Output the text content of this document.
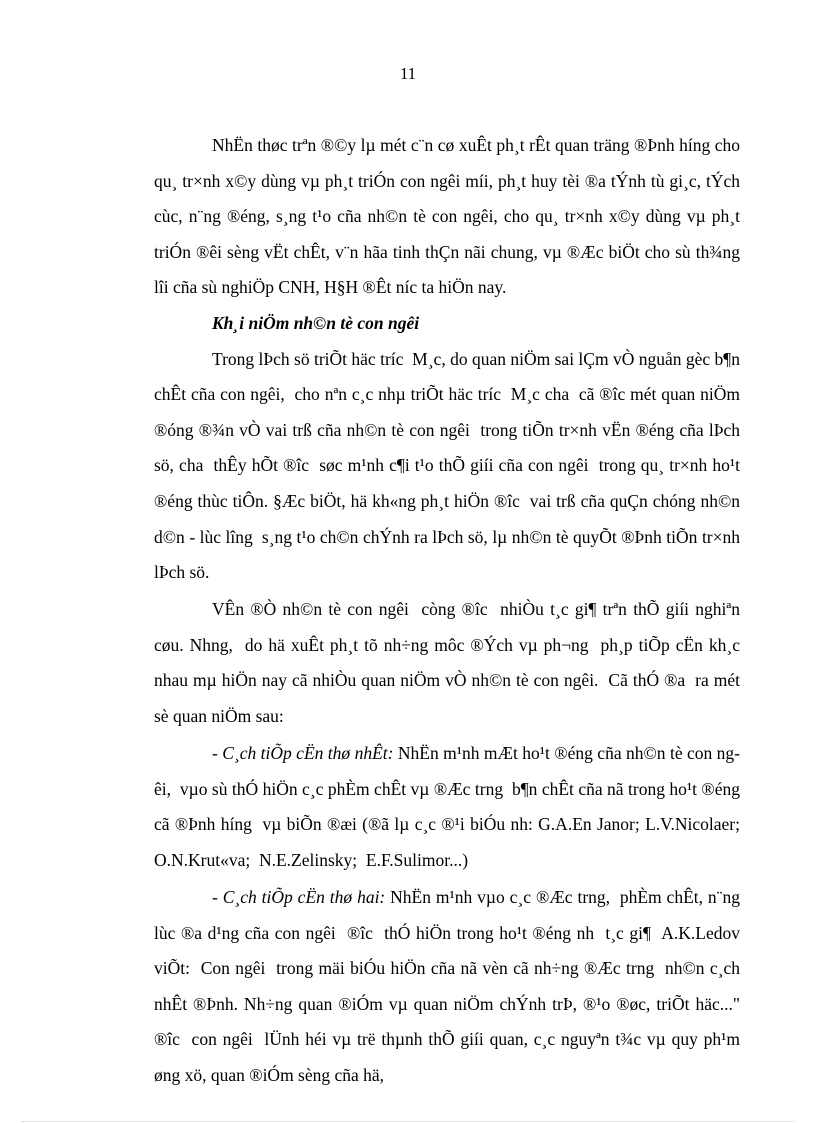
11

NhËn thøc trªn ®©y lµ mét c¨n cø xuÊt ph¸t rÊt quan träng ®Þnh híng cho qu¸ tr×nh x©y dùng vµ ph¸t triÓn con ngêi míi, ph¸t huy tèi ®a tÝnh tù gi¸c, tÝch cùc, n¨ng ®éng, s¸ng t¹o cña nh©n tè con ngêi, cho qu¸ tr×nh x©y dùng vµ ph¸t triÓn ®êi sèng vËt chÊt, v¨n hãa tinh thÇn nãi chung, vµ ®Æc biÖt cho sù th¾ng lîi cña sù nghiÖp CNH, H§H ®Êt níc ta hiÖn nay.

Kh¸i niÖm nh©n tè con ngêi

Trong lÞch sö triÕt häc tríc  M¸c, do quan niÖm sai lÇm vÒ nguån gèc b¶n chÊt cña con ngêi,  cho nªn c¸c nhµ triÕt häc tríc  M¸c cha  cã ®îc mét quan niÖm ®óng ®¾n vÒ vai trß cña nh©n tè con ngêi  trong tiÕn tr×nh vËn ®éng cña lÞch sö, cha  thÊy hÕt ®îc  søc m¹nh c¶i t¹o thÕ giíi cña con ngêi  trong qu¸ tr×nh ho¹t ®éng thùc tiÔn. §Æc biÖt, hä kh«ng ph¸t hiÖn ®îc  vai trß cña quÇn chóng nh©n d©n - lùc lîng  s¸ng t¹o ch©n chÝnh ra lÞch sö, lµ nh©n tè quyÕt ®Þnh tiÕn tr×nh lÞch sö.

VÊn ®Ò nh©n tè con ngêi  còng ®îc  nhiÒu t¸c gi¶ trªn thÕ giíi nghiªn cøu. Nhng,  do hä xuÊt ph¸t tõ nh÷ng môc ®Ých vµ ph¬ng  ph¸p tiÕp cËn kh¸c nhau mµ hiÖn nay cã nhiÒu quan niÖm vÒ nh©n tè con ngêi.  Cã thÓ ®a  ra mét sè quan niÖm sau:

- C¸ch tiÕp cËn thø nhÊt: NhËn m¹nh mÆt ho¹t ®éng cña nh©n tè con ngêi,  vµo sù thÓ hiÖn c¸c phÈm chÊt vµ ®Æc trng  b¶n chÊt cña nã trong ho¹t ®éng cã ®Þnh híng  vµ biÕn ®æi (®ã lµ c¸c ®¹i biÓu nh: G.A.En Janor; L.V.Nicolaer;  O.N.Krut«va;  N.E.Zelinsky;  E.F.Sulimor...)

- C¸ch tiÕp cËn thø hai: NhËn m¹nh vµo c¸c ®Æc trng,  phÈm chÊt, n¨ng lùc ®a d¹ng cña con ngêi  ®îc  thÓ hiÖn trong ho¹t ®éng nh  t¸c gi¶  A.K.Ledov viÕt:  Con ngêi  trong mäi biÓu hiÖn cña nã vèn cã nh÷ng ®Æc trng  nh©n c¸ch nhÊt ®Þnh. Nh÷ng quan ®iÓm vµ quan niÖm chÝnh trÞ, ®¹o ®øc, triÕt häc..." ®îc  con ngêi  lÜnh héi vµ trë thµnh thÕ giíi quan, c¸c nguyªn t¾c vµ quy ph¹m øng xö, quan ®iÓm sèng cña hä,
